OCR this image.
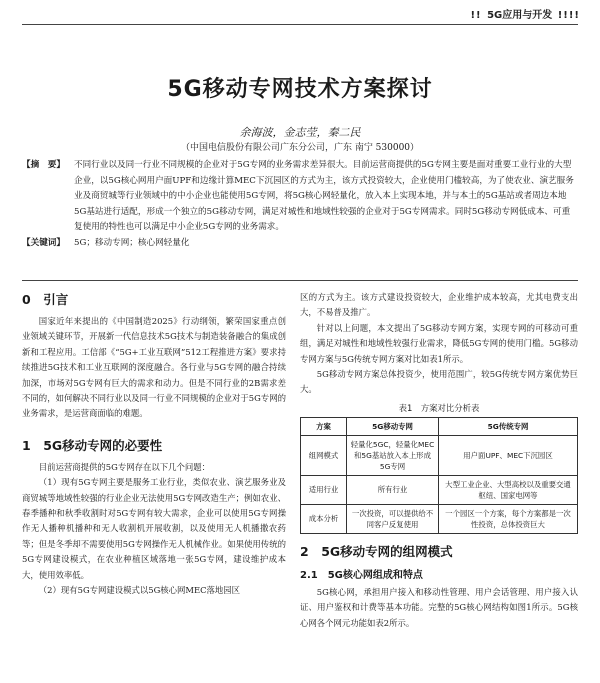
!! 5G应用与开发 !!!!
5G移动专网技术方案探讨
余海波，金志莹，秦二民
（中国电信股份有限公司广东分公司，广东 南宁 530000）
【摘　要】	不同行业以及同一行业不同规模的企业对于5G专网的业务需求差异很大。目前运营商提供的5G专网主要是面对重要工业行业的大型企业，以5G核心网用户面UPF和边缘计算MEC下沉园区的方式为主，该方式投资较大，企业使用门槛较高，为了使农业、演艺服务业及商贸城等行业领域中的中小企业也能使用5G专网，将5G核心网轻量化，放入本上实现本地，并与本土的5G基站或者周边本地5G基站进行适配，形成一个独立的5G移动专网，满足对城性和地域性较强的企业对于5G专网需求。同时5G移动专网低成本、可重复使用的特性也可以满足中小企业5G专网的业务需求。
【关键词】	5G；移动专网；核心网轻量化
0　引言

国家近年来提出的《中国制造2025》行动纲领，繁荣国家重点创业领域关键环节，开展新一代信息技术5G技术与制造装备融合的集成创新和工程应用。工信部《“5G+工业互联网”512工程推进方案》要求持续推进5G技术和工业互联网的深度融合。各行业与5G专网的融合持续加深，市场对5G专网有巨大的需求和动力。但是不同行业的2B需求差不同的，如何解决不同行业以及同一行业不同规模的企业对于5G专网的业务需求，是运营商面临的难题。

1　5G移动专网的必要性

目前运营商提供的5G专网存在以下几个问题：

（1）现有5G专网主要是服务工业行业，类似农业、演艺服务业及商贸城等地域性较强的行业企业无法使用5G专网改造生产；例如农业、春季播种和秋季收割时对5G专网有较大需求，企业可以使用5G专网操作无人播种机播种和无人收割机开展收割，以及使用无人机播撒农药等；但是冬季却不需要使用5G专网操作无人机械作业。如果使用传统的5G专网建设模式，在农业种植区域落地一张5G专网，建设维护成本大，使用效率低。

（2）现有5G专网建设模式以5G核心网MEC落地园区

区的方式为主。该方式建设投资较大，企业维护成本较高，尤其电费支出大，不易普及推广。

针对以上问题，本文提出了5G移动专网方案，实现专网的可移动可重组，满足对城性和地域性较强行业需求，降低5G专网的使用门槛。5G移动专网方案与5G传统专网方案对比如表1所示。

5G移动专网方案总体投资少，使用范围广，较5G传统专网方案优势巨大。

表1　方案对比分析表
方案	5G移动专网	5G传统专网
组网模式	轻量化5GC，轻量化MEC和5G基站放入本上形成5G专网	用户面UPF、MEC下沉园区
适用行业	所有行业	大型工业企业、大型高校以及重要交通枢纽、国家电网等
成本分析	一次投资，可以提供给不同客户反复使用	一个园区一个方案，每个方案都是一次性投资，总体投资巨大
2　5G移动专网的组网模式
2.1　5G核心网组成和特点

5G核心网，承担用户接入和移动性管理、用户会话管理、用户接入认证、用户鉴权和计费等基本功能。完整的5G核心网结构如图1所示。5G核心网各个网元功能如表2所示。
